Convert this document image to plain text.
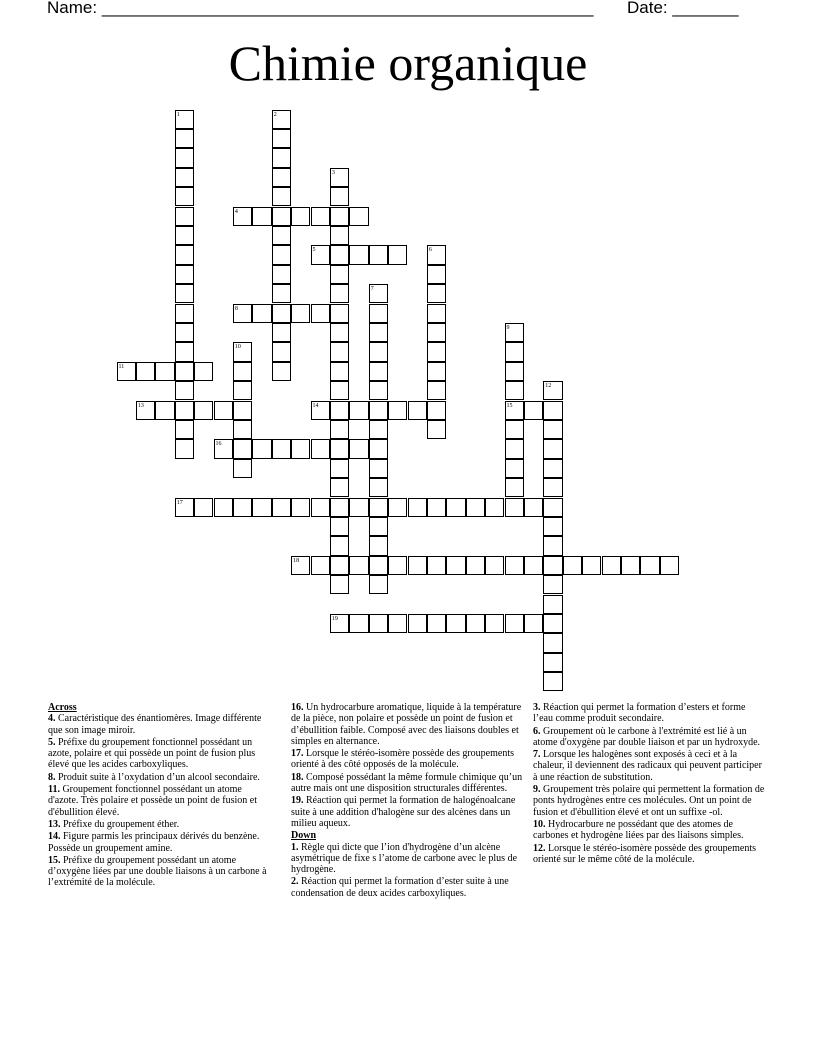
Name: ____________________________________________________ Date: _______
Chimie organique
1	2
3
4
5	6
7
8
9
10
11
12
13	14	15
16
17
18
19
Across

4. Caractéristique des énantiomères. Image différente que son image miroir.

5. Préfixe du groupement fonctionnel possédant un azote, polaire et qui possède un point de fusion plus élevé que les acides carboxyliques.

8. Produit suite à l’oxydation d’un alcool secondaire.

11. Groupement fonctionnel possédant un atome d'azote. Très polaire et possède un point de fusion et d'ébullition élevé.

13. Préfixe du groupement éther.

14. Figure parmis les principaux dérivés du benzène. Possède un groupement amine.

15. Préfixe du groupement possédant un atome d’oxygène liées par une double liaisons à un carbone à l’extrémité de la molécule.

16. Un hydrocarbure aromatique, liquide à la température de la pièce, non polaire et possède un point de fusion et d’ébullition faible. Composé avec des liaisons doubles et simples en alternance.

17. Lorsque le stéréo-isomère possède des groupements orienté à des côté opposés de la molécule.

18. Composé possédant la même formule chimique qu’un autre mais ont une disposition structurales différentes.

19. Réaction qui permet la formation de halogénoalcane suite à une addition d'halogène sur des alcènes dans un milieu aqueux.

Down

1. Règle qui dicte que l’ion d'hydrogène d’un alcène asymétrique de fixe s l’atome de carbone avec le plus de hydrogène.

2. Réaction qui permet la formation d’ester suite à une condensation de deux acides carboxyliques.

3. Réaction qui permet la formation d’esters et forme l’eau comme produit secondaire.

6. Groupement où le carbone à l'extrémité est lié à un atome d'oxygène par double liaison et par un hydroxyde.

7. Lorsque les halogènes sont exposés à ceci et à la chaleur, il deviennent des radicaux qui peuvent participer à une réaction de substitution.

9. Groupement très polaire qui permettent la formation de ponts hydrogènes entre ces molécules. Ont un point de fusion et d'ébullition élevé et ont un suffixe -ol.

10. Hydrocarbure ne possédant que des atomes de carbones et hydrogène liées par des liaisons simples.

12. Lorsque le stéréo-isomère possède des groupements orienté sur le même côté de la molécule.
